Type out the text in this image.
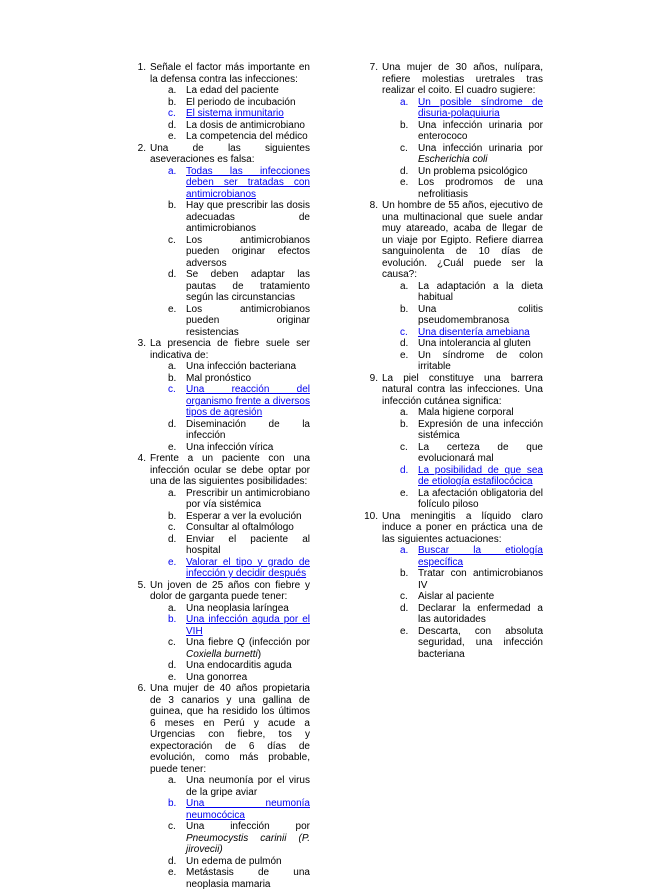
1. Señale el factor más importante en la defensa contra las infecciones:
a. La edad del paciente
b. El periodo de incubación
c. El sistema inmunitario
d. La dosis de antimicrobiano
e. La competencia del médico
2. Una de las siguientes aseveraciones es falsa:
a. Todas las infecciones deben ser tratadas con antimicrobianos
b. Hay que prescribir las dosis adecuadas de antimicrobianos
c. Los antimicrobianos pueden originar efectos adversos
d. Se deben adaptar las pautas de tratamiento según las circunstancias
e. Los antimicrobianos pueden originar resistencias
3. La presencia de fiebre suele ser indicativa de:
a. Una infección bacteriana
b. Mal pronóstico
c. Una reacción del organismo frente a diversos tipos de agresión
d. Diseminación de la infección
e. Una infección vírica
4. Frente a un paciente con una infección ocular se debe optar por una de las siguientes posibilidades:
a. Prescribir un antimicrobiano por vía sistémica
b. Esperar a ver la evolución
c. Consultar al oftalmólogo
d. Enviar el paciente al hospital
e. Valorar el tipo y grado de infección y decidir después
5. Un joven de 25 años con fiebre y dolor de garganta puede tener:
a. Una neoplasia laríngea
b. Una infección aguda por el VIH
c. Una fiebre Q (infección por Coxiella burnetti)
d. Una endocarditis aguda
e. Una gonorrea
6. Una mujer de 40 años propietaria de 3 canarios y una gallina de guinea, que ha residido los últimos 6 meses en Perú y acude a Urgencias con fiebre, tos y expectoración de 6 días de evolución, como más probable, puede tener:
a. Una neumonía por el virus de la gripe aviar
b. Una neumonía neumocócica
c. Una infección por Pneumocystis carinii (P. jirovecii)
d. Un edema de pulmón
e. Metástasis de una neoplasia mamaria
7. Una mujer de 30 años, nulípara, refiere molestias uretrales tras realizar el coito. El cuadro sugiere:
a. Un posible síndrome de disuria-polaquiuria
b. Una infección urinaria por enterococo
c. Una infección urinaria por Escherichia coli
d. Un problema psicológico
e. Los prodromos de una nefrolitiasis
8. Un hombre de 55 años, ejecutivo de una multinacional que suele andar muy atareado, acaba de llegar de un viaje por Egipto. Refiere diarrea sanguinolenta de 10 días de evolución. ¿Cuál puede ser la causa?:
a. La adaptación a la dieta habitual
b. Una colitis pseudomembranosa
c. Una disentería amebiana
d. Una intolerancia al gluten
e. Un síndrome de colon irritable
9. La piel constituye una barrera natural contra las infecciones. Una infección cutánea significa:
a. Mala higiene corporal
b. Expresión de una infección sistémica
c. La certeza de que evolucionará mal
d. La posibilidad de que sea de etiología estafilocócica
e. La afectación obligatoria del folículo piloso
10. Una meningitis a líquido claro induce a poner en práctica una de las siguientes actuaciones:
a. Buscar la etiología específica
b. Tratar con antimicrobianos IV
c. Aislar al paciente
d. Declarar la enfermedad a las autoridades
e. Descarta, con absoluta seguridad, una infección bacteriana
